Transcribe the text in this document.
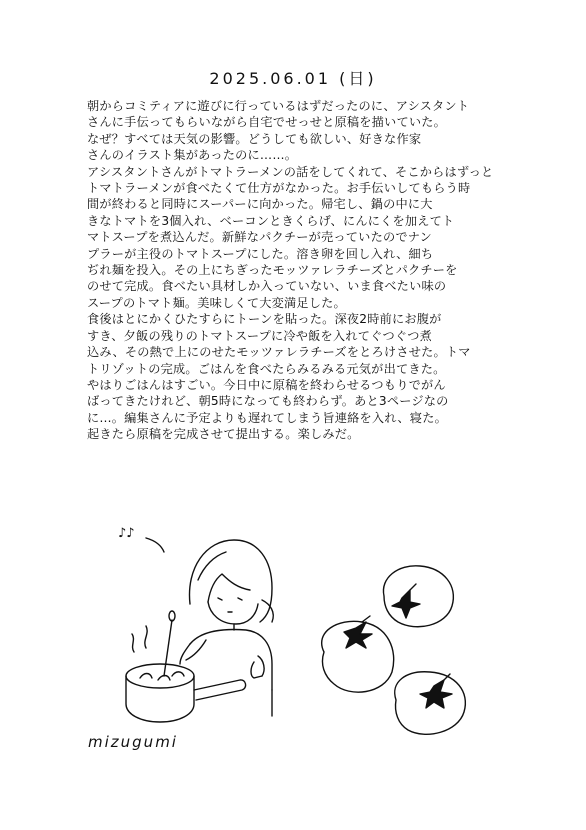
2025.06.01 (日)

朝からコミティアに遊びに行っているはずだったのに、アシスタント

さんに手伝ってもらいながら自宅でせっせと原稿を描いていた。

なぜ？すべては天気の影響。どうしても欲しい、好きな作家

さんのイラスト集があったのに……。

アシスタントさんがトマトラーメンの話をしてくれて、そこからはずっと

トマトラーメンが食べたくて仕方がなかった。お手伝いしてもらう時

間が終わると同時にスーパーに向かった。帰宅し、鍋の中に大

きなトマトを3個入れ、ベーコンときくらげ、にんにくを加えてト

マトスープを煮込んだ。新鮮なパクチーが売っていたのでナン

プラーが主役のトマトスープにした。溶き卵を回し入れ、細ち

ぢれ麺を投入。その上にちぎったモッツァレラチーズとパクチーを

のせて完成。食べたい具材しか入っていない、いま食べたい味の

スープのトマト麺。美味しくて大変満足した。

食後はとにかくひたすらにトーンを貼った。深夜2時前にお腹が

すき、夕飯の残りのトマトスープに冷や飯を入れてぐつぐつ煮

込み、その熱で上にのせたモッツァレラチーズをとろけさせた。トマ

トリゾットの完成。ごはんを食べたらみるみる元気が出てきた。

やはりごはんはすごい。今日中に原稿を終わらせるつもりでがん

ばってきたけれど、朝5時になっても終わらず。あと3ページなの

に…。編集さんに予定よりも遅れてしまう旨連絡を入れ、寝た。

起きたら原稿を完成させて提出する。楽しみだ。

♪♪
mizugumi
